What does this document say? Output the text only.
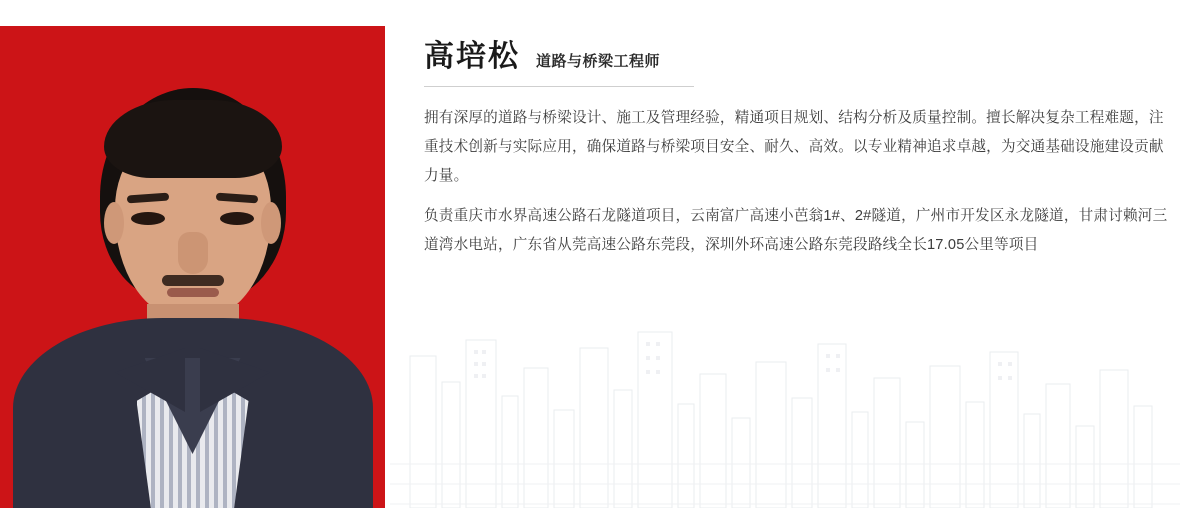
高培松 道路与桥梁工程师
拥有深厚的道路与桥梁设计、施工及管理经验，精通项目规划、结构分析及质量控制。擅长解决复杂工程难题，注重技术创新与实际应用，确保道路与桥梁项目安全、耐久、高效。以专业精神追求卓越，为交通基础设施建设贡献力量。
负责重庆市水界高速公路石龙隧道项目，云南富广高速小芭翁1#、2#隧道，广州市开发区永龙隧道，甘肃讨赖河三道湾水电站，广东省从莞高速公路东莞段，深圳外环高速公路东莞段路线全长17.05公里等项目
